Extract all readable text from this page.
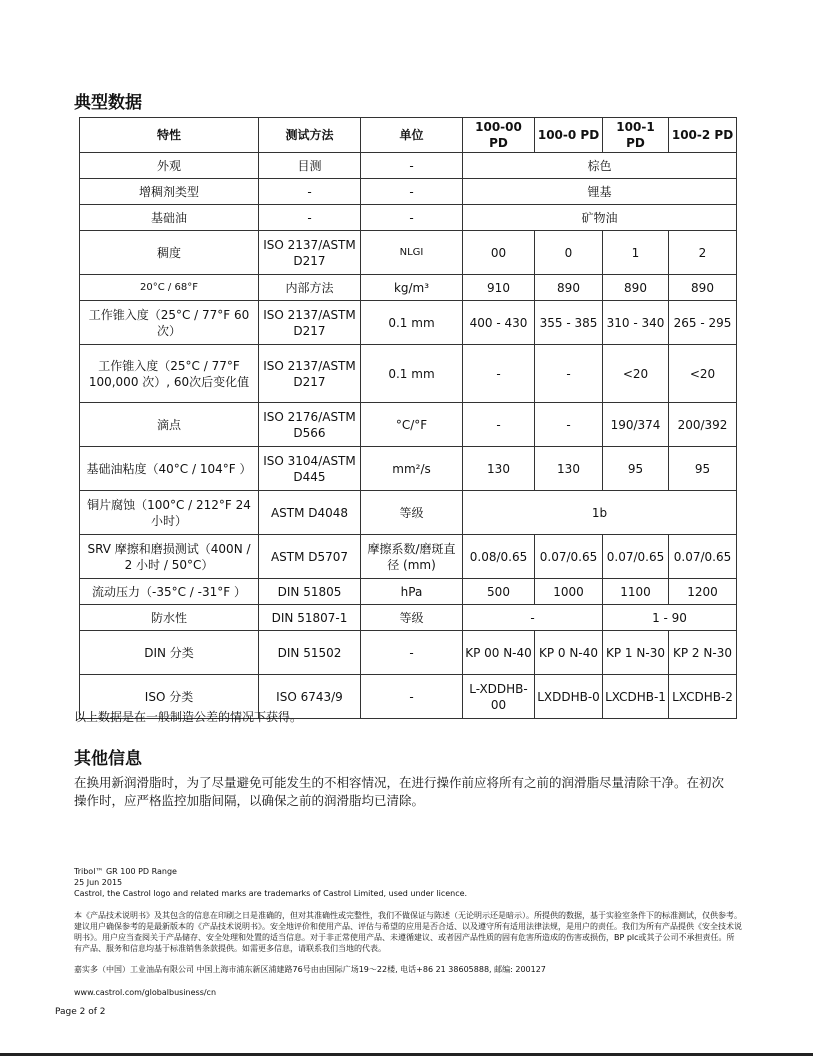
典型数据
特性	测试方法	单位	100-00 PD	100-0 PD	100-1 PD	100-2 PD
外观	目测	-	棕色			
增稠剂类型	-	-	锂基			
基础油	-	-	矿物油			
稠度	ISO 2137/ASTM D217	NLGI	00	0	1	2
20°C / 68°F	内部方法	kg/m³	910	890	890	890
工作锥入度（25°C / 77°F 60次）	ISO 2137/ASTM D217	0.1 mm	400 - 430	355 - 385	310 - 340	265 - 295
工作锥入度（25°C / 77°F 100,000 次）, 60次后变化值	ISO 2137/ASTM D217	0.1 mm	-	-	<20	<20
滴点	ISO 2176/ASTM D566	°C/°F	-	-	190/374	200/392
基础油粘度（40°C / 104°F ）	ISO 3104/ASTM D445	mm²/s	130	130	95	95
铜片腐蚀（100°C / 212°F 24小时）	ASTM D4048	等级	1b			
SRV 摩擦和磨损测试（400N / 2 小时 / 50°C）	ASTM D5707	摩擦系数/磨斑直径 (mm)	0.08/0.65	0.07/0.65	0.07/0.65	0.07/0.65
流动压力（-35°C / -31°F ）	DIN 51805	hPa	500	1000	1100	1200
防水性	DIN 51807-1	等级	-		1 - 90	
DIN 分类	DIN 51502	-	KP 00 N-40	KP 0 N-40	KP 1 N-30	KP 2 N-30
ISO 分类	ISO 6743/9	-	L-XDDHB-00	LXDDHB-0	LXCDHB-1	LXCDHB-2

以上数据是在一般制造公差的情况下获得。

其他信息

在换用新润滑脂时，为了尽量避免可能发生的不相容情况，在进行操作前应将所有之前的润滑脂尽量清除干净。在初次操作时，应严格监控加脂间隔，以确保之前的润滑脂均已清除。

Tribol™ GR 100 PD Range
25 Jun 2015
Castrol, the Castrol logo and related marks are trademarks of Castrol Limited, used under licence.

本《产品技术说明书》及其包含的信息在印刷之日是准确的，但对其准确性或完整性，我们不做保证与陈述（无论明示还是暗示）。所提供的数据，基于实验室条件下的标准测试，仅供参考。建议用户确保参考的是最新版本的《产品技术说明书》。安全地评价和使用产品、评估与希望的应用是否合适、以及遵守所有适用法律法规，是用户的责任。我们为所有产品提供《安全技术说明书》。用户应当查阅关于产品储存、安全处理和处置的适当信息。对于非正常使用产品、未遵循建议、或者因产品性质的固有危害所造成的伤害或损伤，BP plc或其子公司不承担责任。所有产品、服务和信息均基于标准销售条款提供。如需更多信息，请联系我们当地的代表。

嘉实多（中国）工业油品有限公司 中国上海市浦东新区浦建路76号由由国际广场19～22楼, 电话+86 21 38605888, 邮编: 200127

www.castrol.com/globalbusiness/cn

Page 2 of 2
